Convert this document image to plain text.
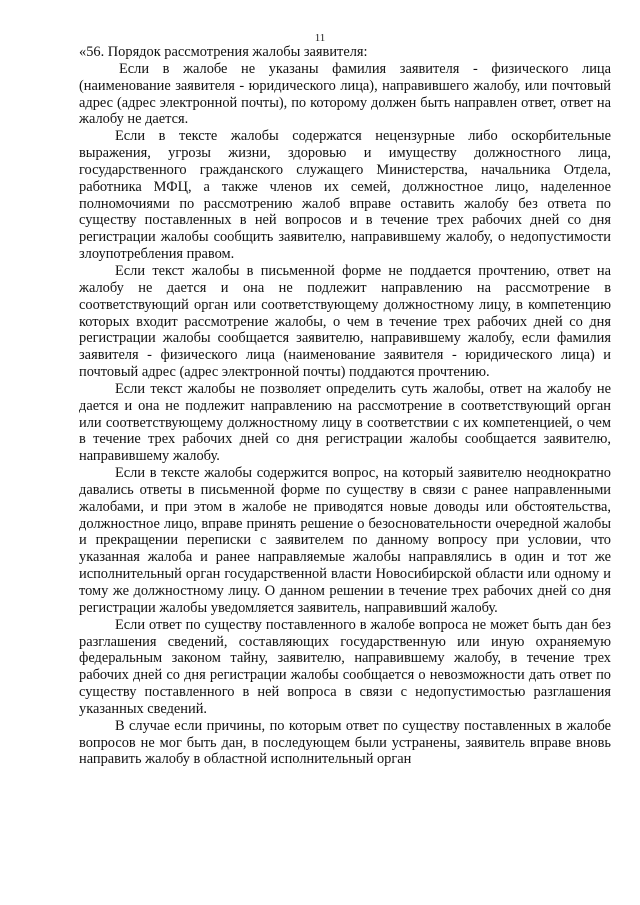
11

«56. Порядок рассмотрения жалобы заявителя:

Если в жалобе не указаны фамилия заявителя - физического лица (наименование заявителя - юридического лица), направившего жалобу, или почтовый адрес (адрес электронной почты), по которому должен быть направлен ответ, ответ на жалобу не дается.

Если в тексте жалобы содержатся нецензурные либо оскорбительные выражения, угрозы жизни, здоровью и имуществу должностного лица, государственного гражданского служащего Министерства, начальника Отдела, работника МФЦ, а также членов их семей, должностное лицо, наделенное полномочиями по рассмотрению жалоб вправе оставить жалобу без ответа по существу поставленных в ней вопросов и в течение трех рабочих дней со дня регистрации жалобы сообщить заявителю, направившему жалобу, о недопустимости злоупотребления правом.

Если текст жалобы в письменной форме не поддается прочтению, ответ на жалобу не дается и она не подлежит направлению на рассмотрение в соответствующий орган или соответствующему должностному лицу, в компетенцию которых входит рассмотрение жалобы, о чем в течение трех рабочих дней со дня регистрации жалобы сообщается заявителю, направившему жалобу, если фамилия заявителя - физического лица (наименование заявителя - юридического лица) и почтовый адрес (адрес электронной почты) поддаются прочтению.

Если текст жалобы не позволяет определить суть жалобы, ответ на жалобу не дается и она не подлежит направлению на рассмотрение в соответствующий орган или соответствующему должностному лицу в соответствии с их компетенцией, о чем в течение трех рабочих дней со дня регистрации жалобы сообщается заявителю, направившему жалобу.

Если в тексте жалобы содержится вопрос, на который заявителю неоднократно давались ответы в письменной форме по существу в связи с ранее направленными жалобами, и при этом в жалобе не приводятся новые доводы или обстоятельства, должностное лицо, вправе принять решение о безосновательности очередной жалобы и прекращении переписки с заявителем по данному вопросу при условии, что указанная жалоба и ранее направляемые жалобы направлялись в один и тот же исполнительный орган государственной власти Новосибирской области или одному и тому же должностному лицу. О данном решении в течение трех рабочих дней со дня регистрации жалобы уведомляется заявитель, направивший жалобу.

Если ответ по существу поставленного в жалобе вопроса не может быть дан без разглашения сведений, составляющих государственную или иную охраняемую федеральным законом тайну, заявителю, направившему жалобу, в течение трех рабочих дней со дня регистрации жалобы сообщается о невозможности дать ответ по существу поставленного в ней вопроса в связи с недопустимостью разглашения указанных сведений.

В случае если причины, по которым ответ по существу поставленных в жалобе вопросов не мог быть дан, в последующем были устранены, заявитель вправе вновь направить жалобу в областной исполнительный орган
